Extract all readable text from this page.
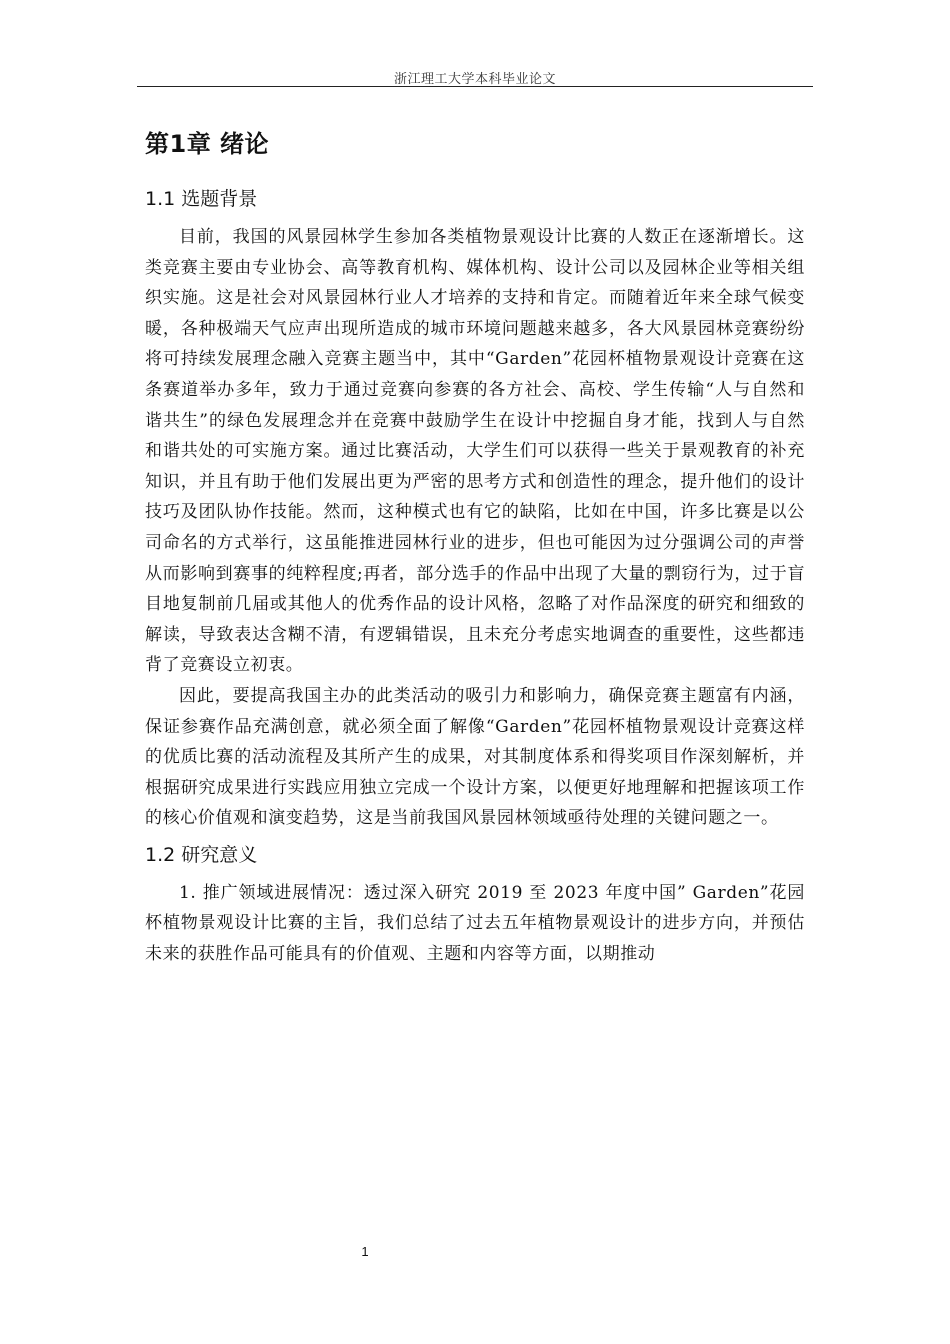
浙江理工大学本科毕业论文
第1章 绪论
1.1 选题背景

目前，我国的风景园林学生参加各类植物景观设计比赛的人数正在逐渐增长。这类竞赛主要由专业协会、高等教育机构、媒体机构、设计公司以及园林企业等相关组织实施。这是社会对风景园林行业人才培养的支持和肯定。而随着近年来全球气候变暖，各种极端天气应声出现所造成的城市环境问题越来越多，各大风景园林竞赛纷纷将可持续发展理念融入竞赛主题当中，其中“Garden”花园杯植物景观设计竞赛在这条赛道举办多年，致力于通过竞赛向参赛的各方社会、高校、学生传输“人与自然和谐共生”的绿色发展理念并在竞赛中鼓励学生在设计中挖掘自身才能，找到人与自然和谐共处的可实施方案。通过比赛活动，大学生们可以获得一些关于景观教育的补充知识，并且有助于他们发展出更为严密的思考方式和创造性的理念，提升他们的设计技巧及团队协作技能。然而，这种模式也有它的缺陷，比如在中国，许多比赛是以公司命名的方式举行，这虽能推进园林行业的进步，但也可能因为过分强调公司的声誉从而影响到赛事的纯粹程度;再者，部分选手的作品中出现了大量的剽窃行为，过于盲目地复制前几届或其他人的优秀作品的设计风格，忽略了对作品深度的研究和细致的解读，导致表达含糊不清，有逻辑错误，且未充分考虑实地调查的重要性，这些都违背了竞赛设立初衷。

因此，要提高我国主办的此类活动的吸引力和影响力，确保竞赛主题富有内涵，保证参赛作品充满创意，就必须全面了解像“Garden”花园杯植物景观设计竞赛这样的优质比赛的活动流程及其所产生的成果，对其制度体系和得奖项目作深刻解析，并根据研究成果进行实践应用独立完成一个设计方案，以便更好地理解和把握该项工作的核心价值观和演变趋势，这是当前我国风景园林领域亟待处理的关键问题之一。

1.2 研究意义

1. 推广领域进展情况：透过深入研究 2019 至 2023 年度中国” Garden”花园杯植物景观设计比赛的主旨，我们总结了过去五年植物景观设计的进步方向，并预估未来的获胜作品可能具有的价值观、主题和内容等方面，以期推动

1
